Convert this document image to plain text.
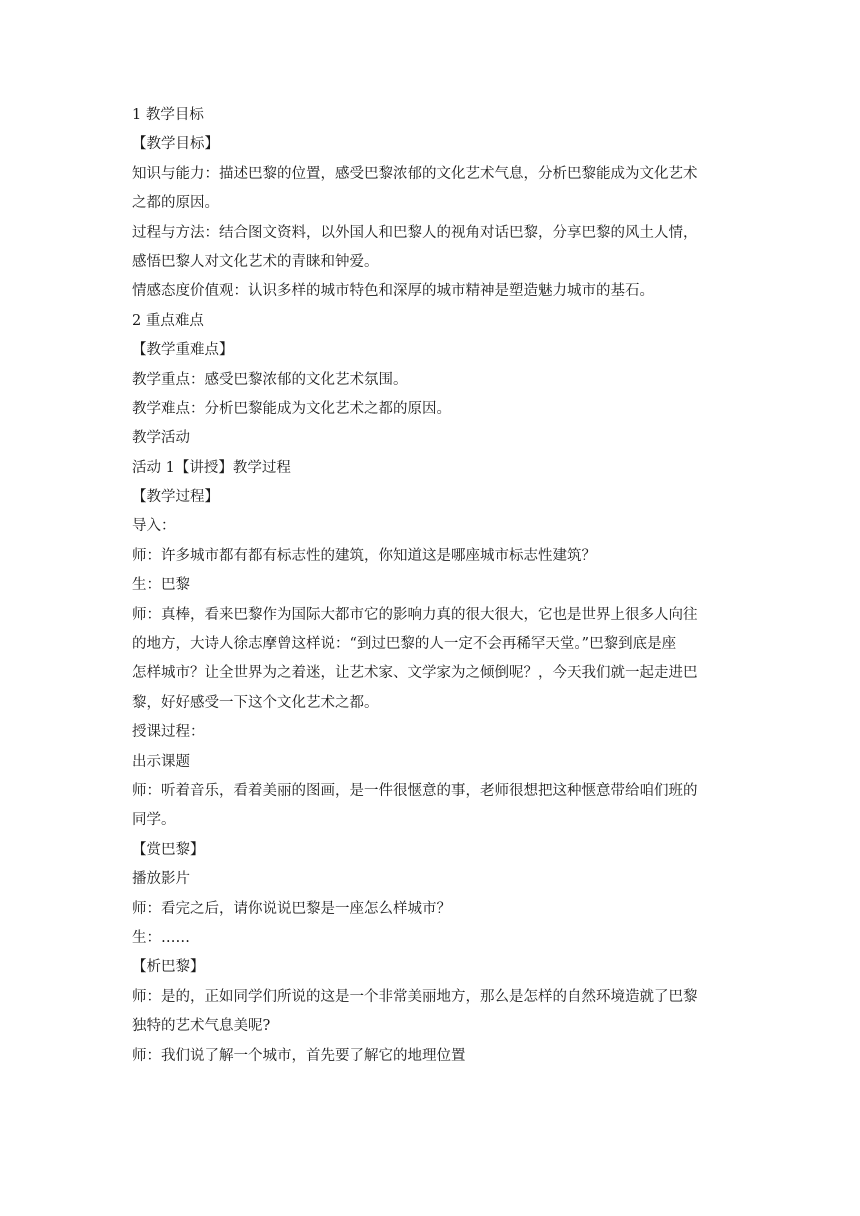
1 教学目标
【教学目标】
知识与能力：描述巴黎的位置，感受巴黎浓郁的文化艺术气息，分析巴黎能成为文化艺术
之都的原因。
过程与方法：结合图文资料，以外国人和巴黎人的视角对话巴黎，分享巴黎的风土人情，
感悟巴黎人对文化艺术的青睐和钟爱。
情感态度价值观：认识多样的城市特色和深厚的城市精神是塑造魅力城市的基石。
2 重点难点
【教学重难点】
教学重点：感受巴黎浓郁的文化艺术氛围。
教学难点：分析巴黎能成为文化艺术之都的原因。
教学活动
活动 1【讲授】教学过程
【教学过程】
导入：
师：许多城市都有都有标志性的建筑，你知道这是哪座城市标志性建筑？
生：巴黎
师：真棒，看来巴黎作为国际大都市它的影响力真的很大很大，它也是世界上很多人向往
的地方，大诗人徐志摩曾这样说：“到过巴黎的人一定不会再稀罕天堂。”巴黎到底是座
怎样城市？让全世界为之着迷，让艺术家、文学家为之倾倒呢？，今天我们就一起走进巴
黎，好好感受一下这个文化艺术之都。
授课过程：
出示课题
师：听着音乐，看着美丽的图画，是一件很惬意的事，老师很想把这种惬意带给咱们班的
同学。
【赏巴黎】
播放影片
师：看完之后，请你说说巴黎是一座怎么样城市？
生：……
【析巴黎】
师：是的，正如同学们所说的这是一个非常美丽地方，那么是怎样的自然环境造就了巴黎
独特的艺术气息美呢?
师：我们说了解一个城市，首先要了解它的地理位置
